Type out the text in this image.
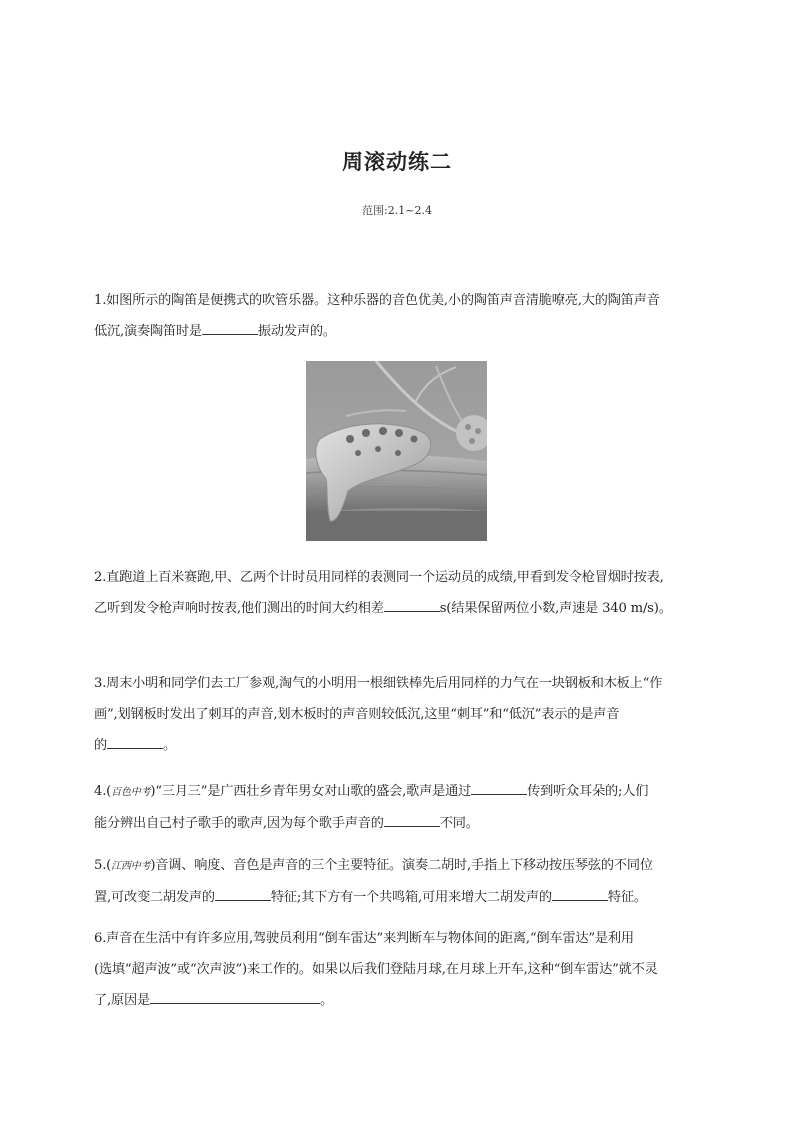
周滚动练二
范围:2.1~2.4
1.如图所示的陶笛是便携式的吹管乐器。这种乐器的音色优美,小的陶笛声音清脆嘹亮,大的陶笛声音
低沉,演奏陶笛时是	振动发声的。
2.直跑道上百米赛跑,甲、乙两个计时员用同样的表测同一个运动员的成绩,甲看到发令枪冒烟时按表,
乙听到发令枪声响时按表,他们测出的时间大约相差	s(结果保留两位小数,声速是 340 m/s)。
3.周末小明和同学们去工厂参观,淘气的小明用一根细铁棒先后用同样的力气在一块钢板和木板上“作
画”,划钢板时发出了刺耳的声音,划木板时的声音则较低沉,这里“刺耳”和“低沉”表示的是声音
的	。
4.(百色中考)“三月三”是广西壮乡青年男女对山歌的盛会,歌声是通过	传到听众耳朵的;人们
能分辨出自己村子歌手的歌声,因为每个歌手声音的	不同。
5.(江西中考)音调、响度、音色是声音的三个主要特征。演奏二胡时,手指上下移动按压琴弦的不同位
置,可改变二胡发声的	特征;其下方有一个共鸣箱,可用来增大二胡发声的	特征。
6.声音在生活中有许多应用,驾驶员利用“倒车雷达”来判断车与物体间的距离,“倒车雷达”是利用
(选填“超声波”或“次声波”)来工作的。如果以后我们登陆月球,在月球上开车,这种“倒车雷达”就不灵
了,原因是	。
